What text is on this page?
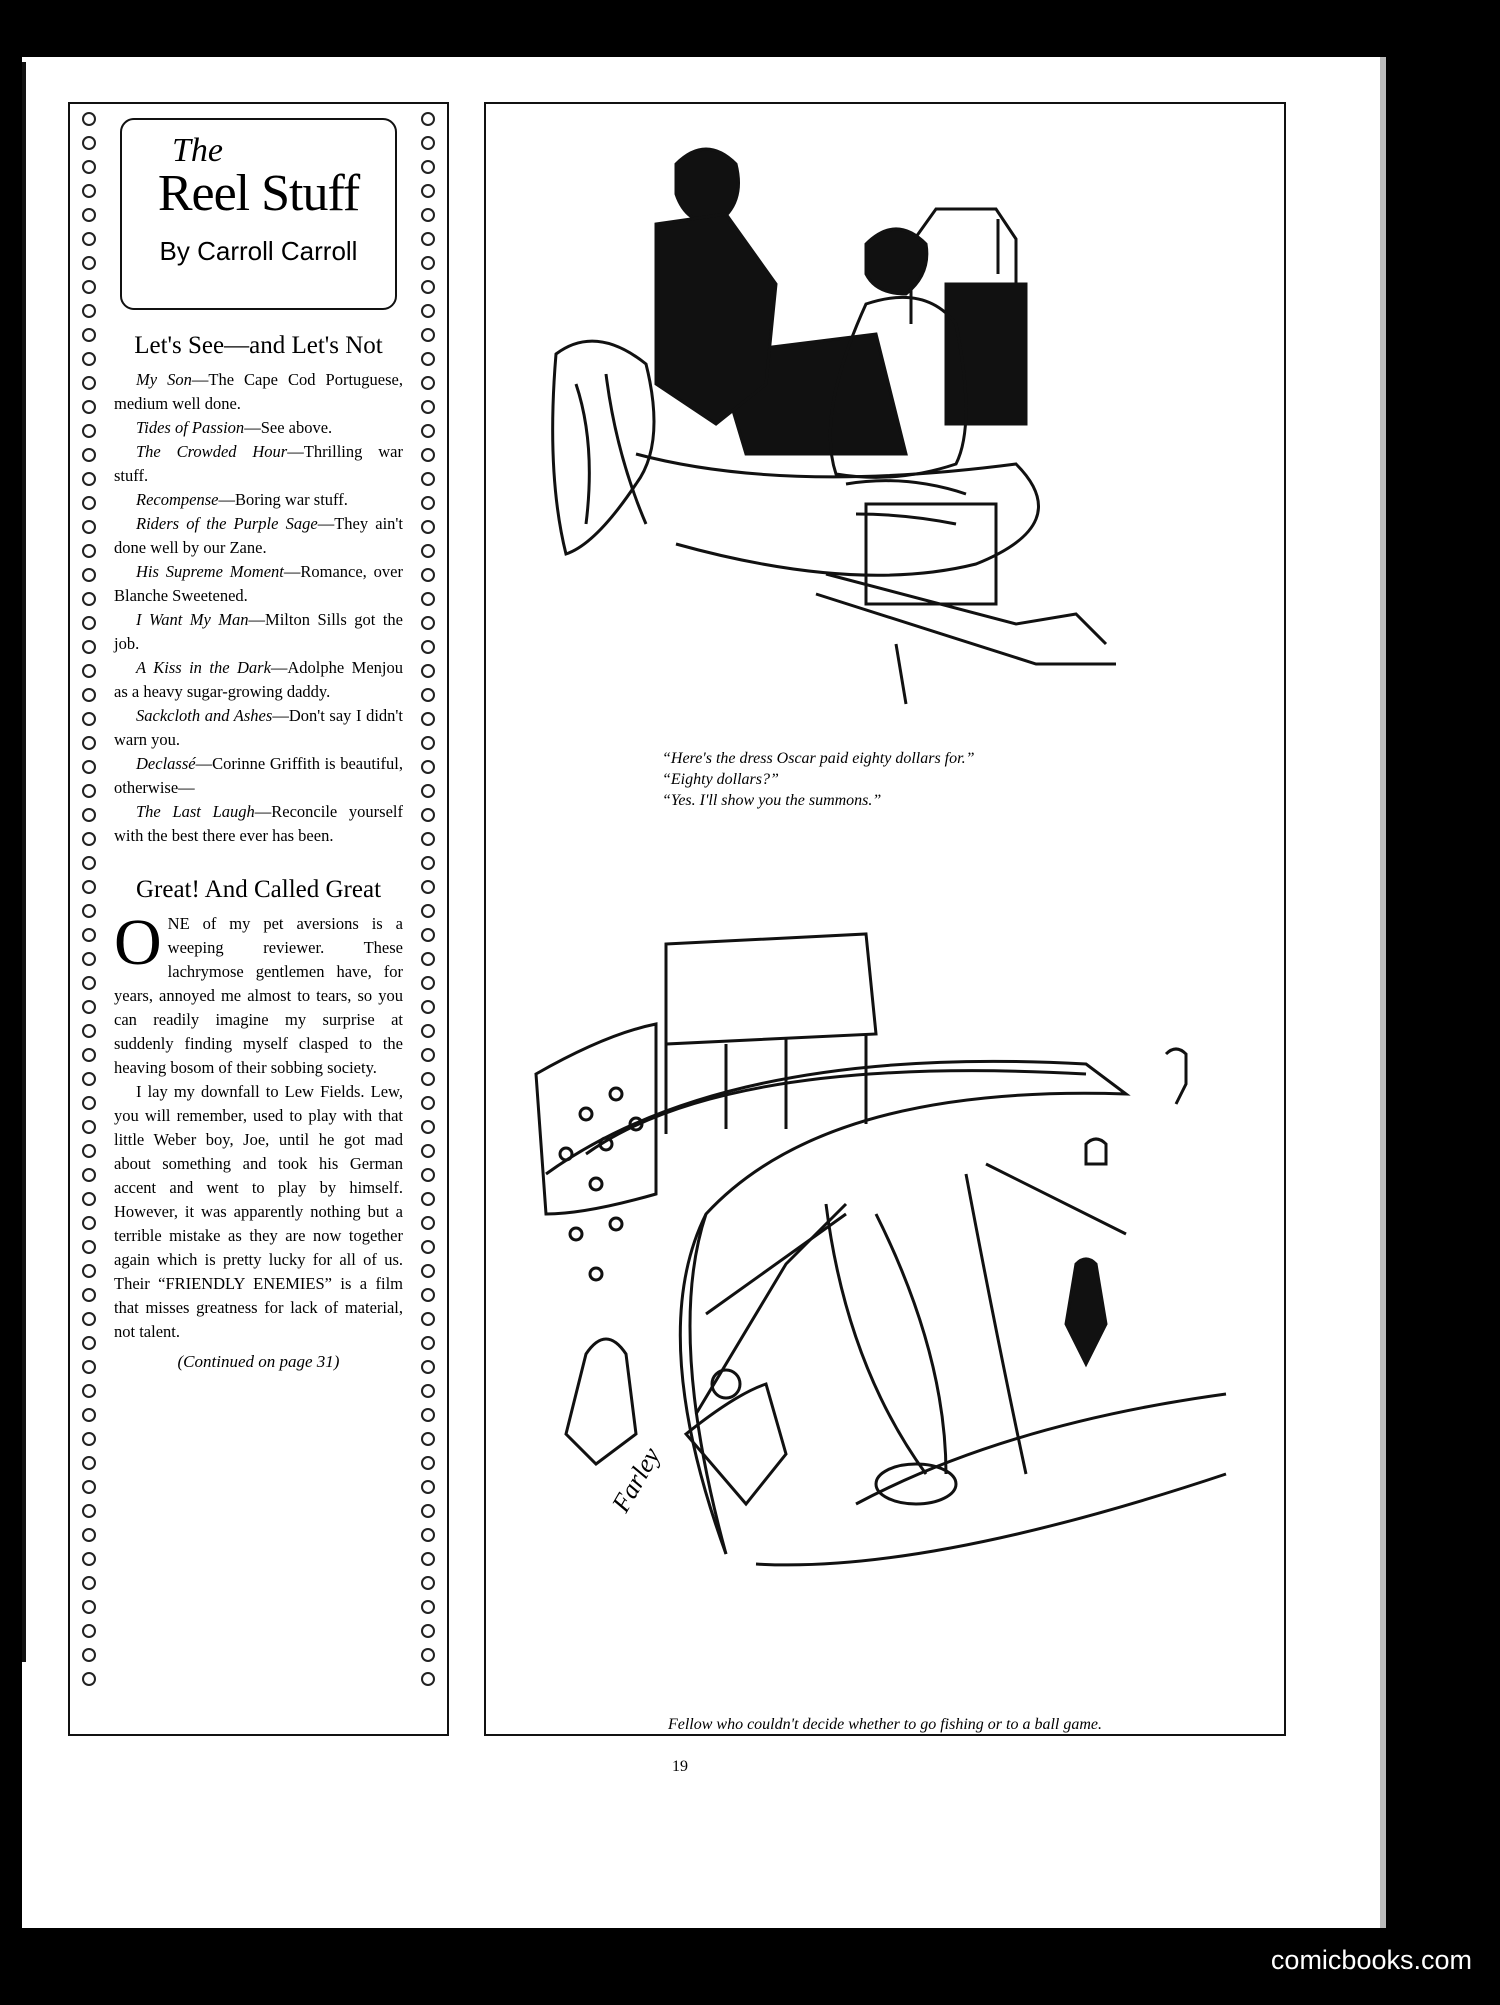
The
Reel Stuff
By Carroll Carroll
Let's See—and Let's Not

My Son—The Cape Cod Portuguese, medium well done.

Tides of Passion—See above.

The Crowded Hour—Thrilling war stuff.

Recompense—Boring war stuff.

Riders of the Purple Sage—They ain't done well by our Zane.

His Supreme Moment—Romance, over Blanche Sweetened.

I Want My Man—Milton Sills got the job.

A Kiss in the Dark—Adolphe Menjou as a heavy sugar-growing daddy.

Sackcloth and Ashes—Don't say I didn't warn you.

Declassé—Corinne Griffith is beautiful, otherwise—

The Last Laugh—Reconcile yourself with the best there ever has been.

Great! And Called Great

ONE of my pet aversions is a weeping reviewer. These lachrymose gentlemen have, for years, annoyed me almost to tears, so you can readily imagine my surprise at suddenly finding myself clasped to the heaving bosom of their sobbing society.

I lay my downfall to Lew Fields. Lew, you will remember, used to play with that little Weber boy, Joe, until he got mad about something and took his German accent and went to play by himself. However, it was apparently nothing but a terrible mistake as they are now together again which is pretty lucky for all of us. Their “FRIENDLY ENEMIES” is a film that misses greatness for lack of material, not talent.

(Continued on page 31)
“Here's the dress Oscar paid eighty dollars for.”
“Eighty dollars?”
“Yes. I'll show you the summons.”
Farley
Fellow who couldn't decide whether to go fishing or to a ball game.
19
comicbooks.com
